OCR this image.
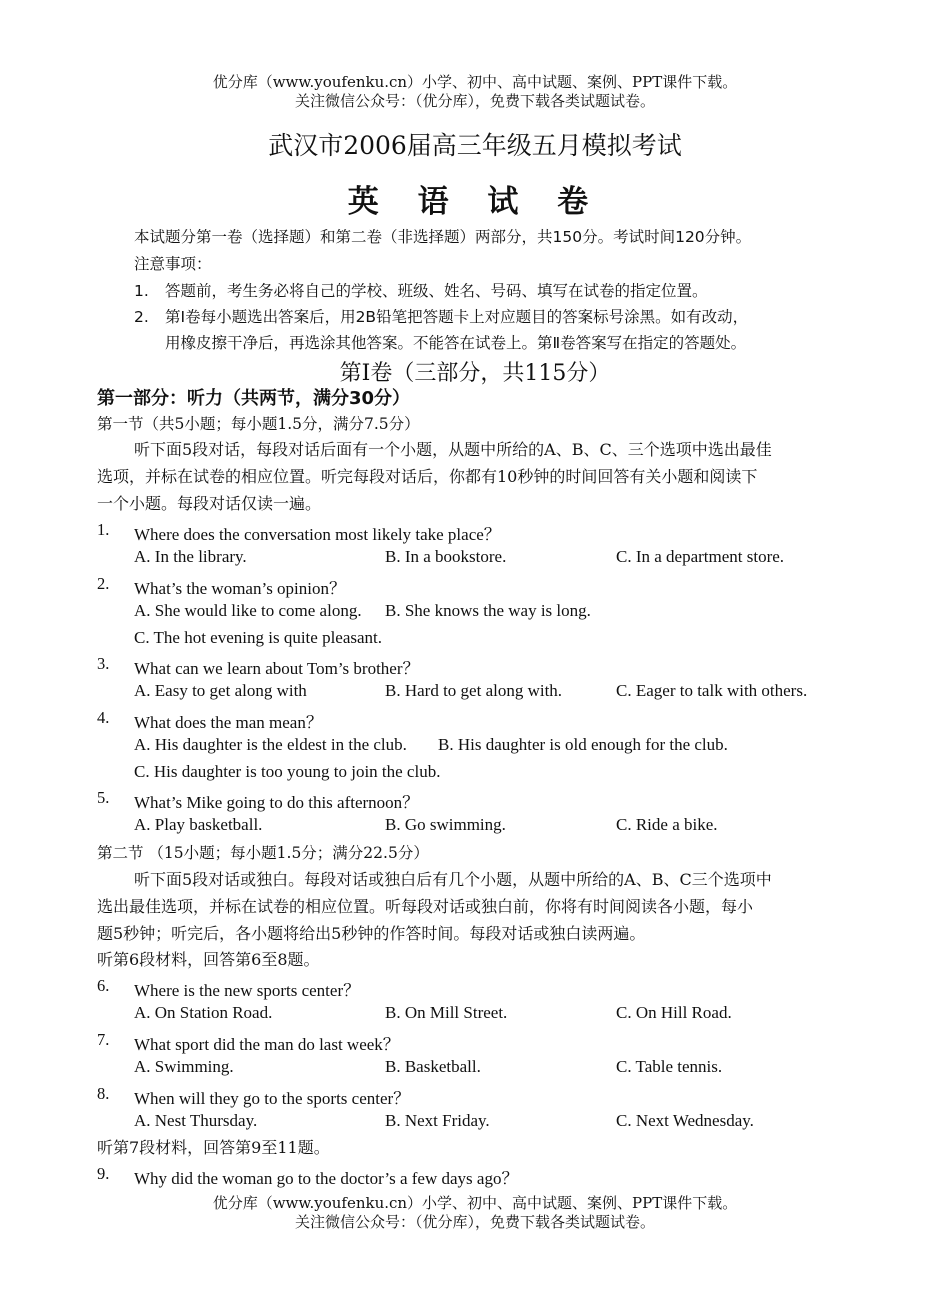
优分库（www.youfenku.cn）小学、初中、高中试题、案例、PPT课件下载。
关注微信公众号：（优分库），免费下载各类试题试卷。
武汉市2006届高三年级五月模拟考试
英 语 试 卷
本试题分第一卷（选择题）和第二卷（非选择题）两部分，共150分。考试时间120分钟。
注意事项：
1. 答题前，考生务必将自己的学校、班级、姓名、号码、填写在试卷的指定位置。
2. 第Ⅰ卷每小题选出答案后，用2B铅笔把答题卡上对应题目的答案标号涂黑。如有改动，
用橡皮擦干净后，再选涂其他答案。不能答在试卷上。第Ⅱ卷答案写在指定的答题处。
第Ⅰ卷（三部分，共115分）
第一部分：听力（共两节，满分30分）
第一节（共5小题；每小题1.5分，满分7.5分）
听下面5段对话，每段对话后面有一个小题，从题中所给的A、B、C、三个选项中选出最佳
选项，并标在试卷的相应位置。听完每段对话后，你都有10秒钟的时间回答有关小题和阅读下
一个小题。每段对话仅读一遍。
1. Where does the conversation most likely take place？
A. In the library.	B. In a bookstore.	C. In a department store.
2. What’s the woman’s opinion？
A. She would like to come along. B. She knows the way is long.
C. The hot evening is quite pleasant.
3. What can we learn about Tom’s brother？
A. Easy to get along with	B. Hard to get along with.	C. Eager to talk with others.
4. What does the man mean？
A. His daughter is the eldest in the club. B. His daughter is old enough for the club.
C. His daughter is too young to join the club.
5. What’s Mike going to do this afternoon？
A. Play basketball.	B. Go swimming.	C. Ride a bike.
第二节 （15小题；每小题1.5分；满分22.5分）
听下面5段对话或独白。每段对话或独白后有几个小题，从题中所给的A、B、C三个选项中
选出最佳选项，并标在试卷的相应位置。听每段对话或独白前，你将有时间阅读各小题，每小
题5秒钟；听完后，各小题将给出5秒钟的作答时间。每段对话或独白读两遍。
听第6段材料，回答第6至8题。
6. Where is the new sports center？
A. On Station Road.	B. On Mill Street.	C. On Hill Road.
7. What sport did the man do last week？
A. Swimming.	B. Basketball.	C. Table tennis.
8. When will they go to the sports center？
A. Nest Thursday.	B. Next Friday.	C. Next Wednesday.
听第7段材料，回答第9至11题。
9. Why did the woman go to the doctor’s a few days ago？
优分库（www.youfenku.cn）小学、初中、高中试题、案例、PPT课件下载。
关注微信公众号：（优分库），免费下载各类试题试卷。
